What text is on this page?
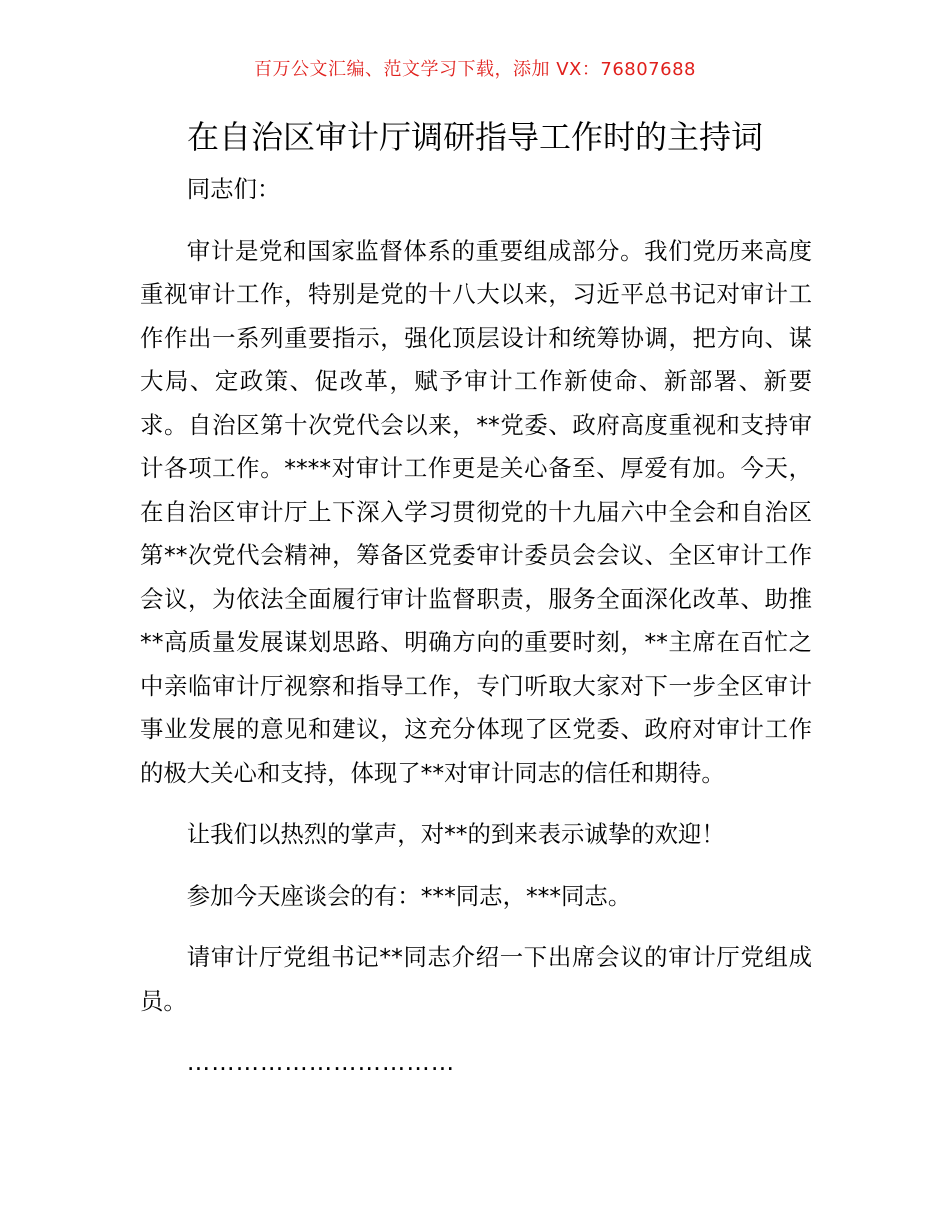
百万公文汇编、范文学习下载，添加 VX：76807688
在自治区审计厅调研指导工作时的主持词

同志们：

审计是党和国家监督体系的重要组成部分。我们党历来高度重视审计工作，特别是党的十八大以来，习近平总书记对审计工作作出一系列重要指示，强化顶层设计和统筹协调，把方向、谋大局、定政策、促改革，赋予审计工作新使命、新部署、新要求。自治区第十次党代会以来，**党委、政府高度重视和支持审计各项工作。****对审计工作更是关心备至、厚爱有加。今天，在自治区审计厅上下深入学习贯彻党的十九届六中全会和自治区第**次党代会精神，筹备区党委审计委员会会议、全区审计工作会议，为依法全面履行审计监督职责，服务全面深化改革、助推**高质量发展谋划思路、明确方向的重要时刻，**主席在百忙之中亲临审计厅视察和指导工作，专门听取大家对下一步全区审计事业发展的意见和建议，这充分体现了区党委、政府对审计工作的极大关心和支持，体现了**对审计同志的信任和期待。

让我们以热烈的掌声，对**的到来表示诚挚的欢迎！

参加今天座谈会的有：***同志，***同志。

请审计厅党组书记**同志介绍一下出席会议的审计厅党组成员。

……………………………
